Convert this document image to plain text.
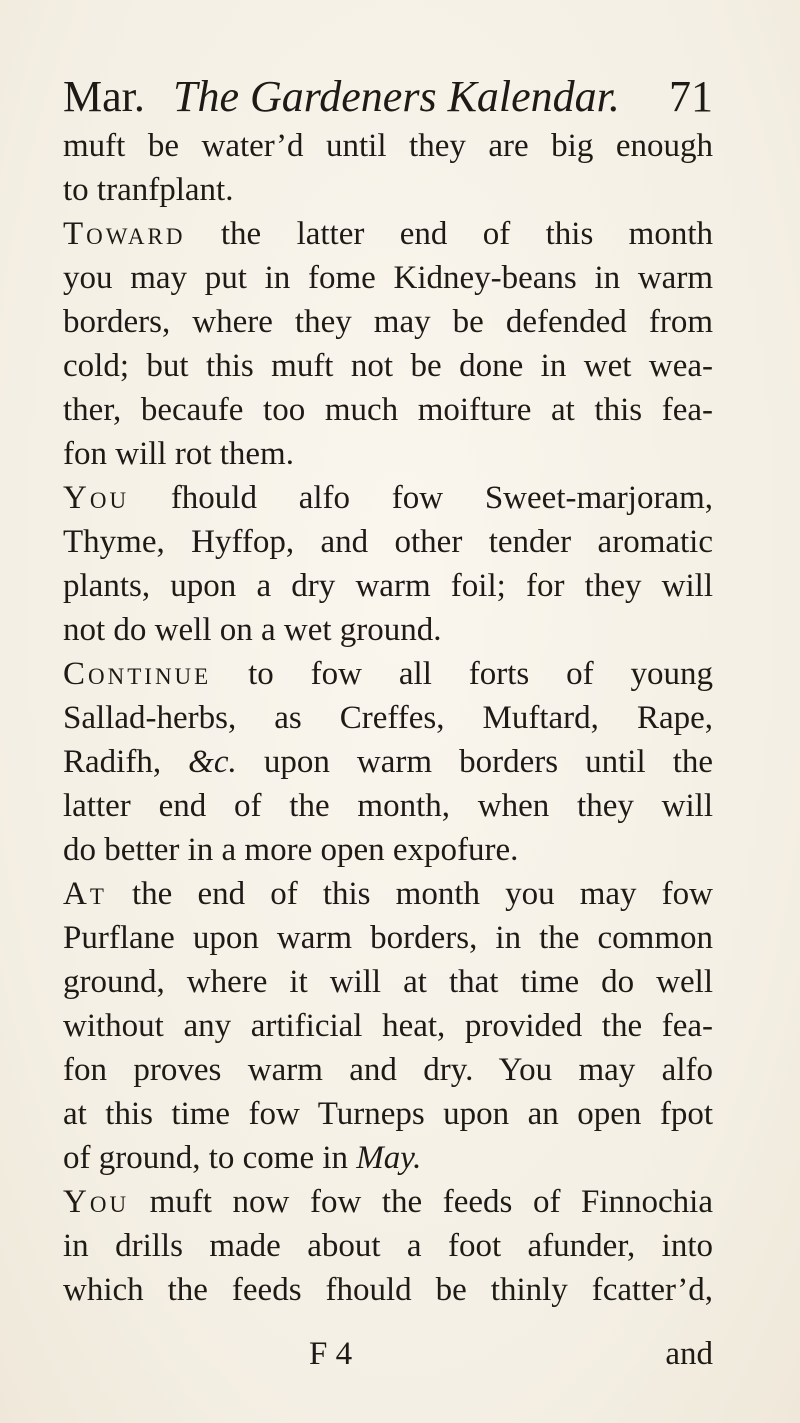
Mar. The Gardeners Kalendar. 71
muft be water’d until they are big enough
to tranfplant.
Toward the latter end of this month
you may put in fome Kidney-beans in warm
borders, where they may be defended from
cold; but this muft not be done in wet wea-
ther, becaufe too much moifture at this fea-
fon will rot them.
You fhould alfo fow Sweet-marjoram,
Thyme, Hyffop, and other tender aromatic
plants, upon a dry warm foil; for they will
not do well on a wet ground.
Continue to fow all forts of young
Sallad-herbs, as Creffes, Muftard, Rape,
Radifh, &c. upon warm borders until the
latter end of the month, when they will
do better in a more open expofure.
At the end of this month you may fow
Purflane upon warm borders, in the common
ground, where it will at that time do well
without any artificial heat, provided the fea-
fon proves warm and dry. You may alfo
at this time fow Turneps upon an open fpot
of ground, to come in May.
You muft now fow the feeds of Finnochia
in drills made about a foot afunder, into
which the feeds fhould be thinly fcatter’d,
F 4	and
